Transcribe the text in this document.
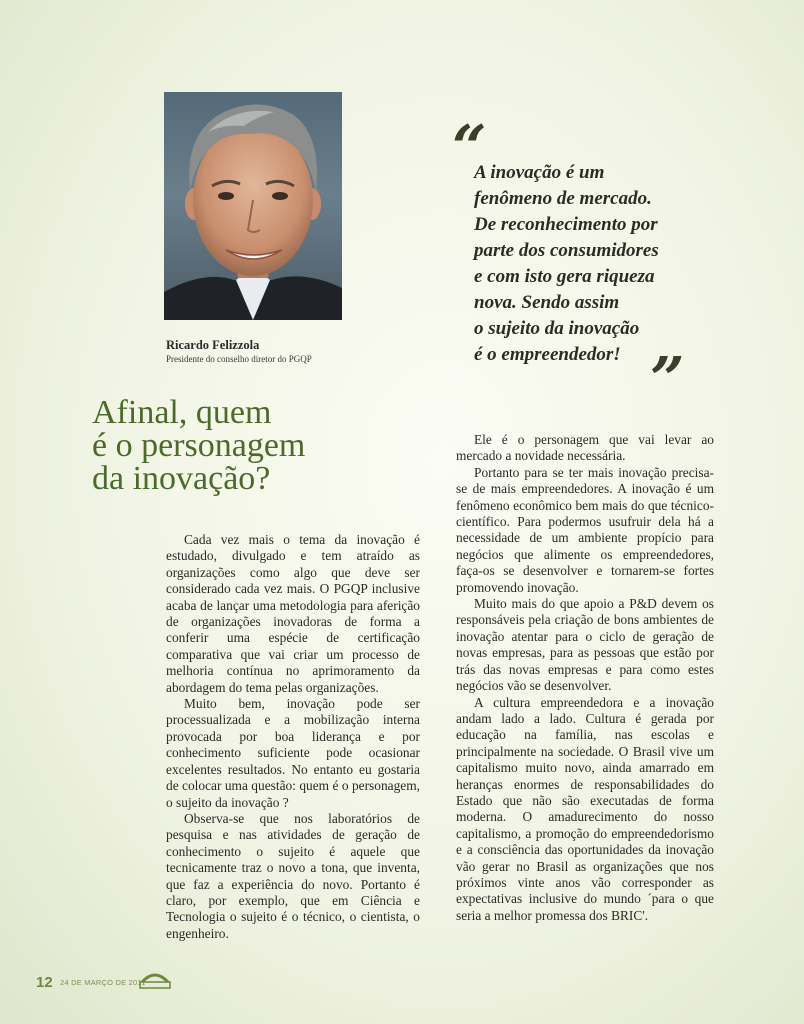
Ricardo Felizzola
Presidente do conselho diretor do PGQP
“
A inovação é um
fenômeno de mercado.
De reconhecimento por
parte dos consumidores
e com isto gera riqueza
nova. Sendo assim
o sujeito da inovação
é o empreendedor! ”
Afinal, quem
é o personagem
da inovação?

Cada vez mais o tema da inovação é estudado, divulgado e tem atraído as organizações como algo que deve ser considerado cada vez mais. O PGQP inclusive acaba de lançar uma metodologia para aferição de organizações inovadoras de forma a conferir uma espécie de certificação comparativa que vai criar um processo de melhoria contínua no aprimoramento da abordagem do tema pelas organizações.

Muito bem, inovação pode ser processualizada e a mobilização interna provocada por boa liderança e por conhecimento suficiente pode ocasionar excelentes resultados. No entanto eu gostaria de colocar uma questão: quem é o personagem, o sujeito da inovação ?

Observa-se que nos laboratórios de pesquisa e nas atividades de geração de conhecimento o sujeito é aquele que tecnicamente traz o novo a tona, que inventa, que faz a experiência do novo. Portanto é claro, por exemplo, que em Ciência e Tecnologia o sujeito é o técnico, o cientista, o engenheiro.

Ele é o personagem que vai levar ao mercado a novidade necessária.

Portanto para se ter mais inovação precisa-se de mais empreendedores. A inovação é um fenômeno econômico bem mais do que técnico-científico. Para podermos usufruir dela há a necessidade de um ambiente propício para negócios que alimente os empreendedores, faça-os se desenvolver e tornarem-se fortes promovendo inovação.

Muito mais do que apoio a P&D devem os responsáveis pela criação de bons ambientes de inovação atentar para o ciclo de geração de novas empresas, para as pessoas que estão por trás das novas empresas e para como estes negócios vão se desenvolver.

A cultura empreendedora e a inovação andam lado a lado. Cultura é gerada por educação na família, nas escolas e principalmente na sociedade. O Brasil vive um capitalismo muito novo, ainda amarrado em heranças enormes de responsabilidades do Estado que não são executadas de forma moderna. O amadurecimento do nosso capitalismo, a promoção do empreendedorismo e a consciência das oportunidades da inovação vão gerar no Brasil as organizações que nos próximos vinte anos vão corresponder as expectativas inclusive do mundo ´para o que seria a melhor promessa dos BRIC'.

12 24 DE MARÇO DE 2011
